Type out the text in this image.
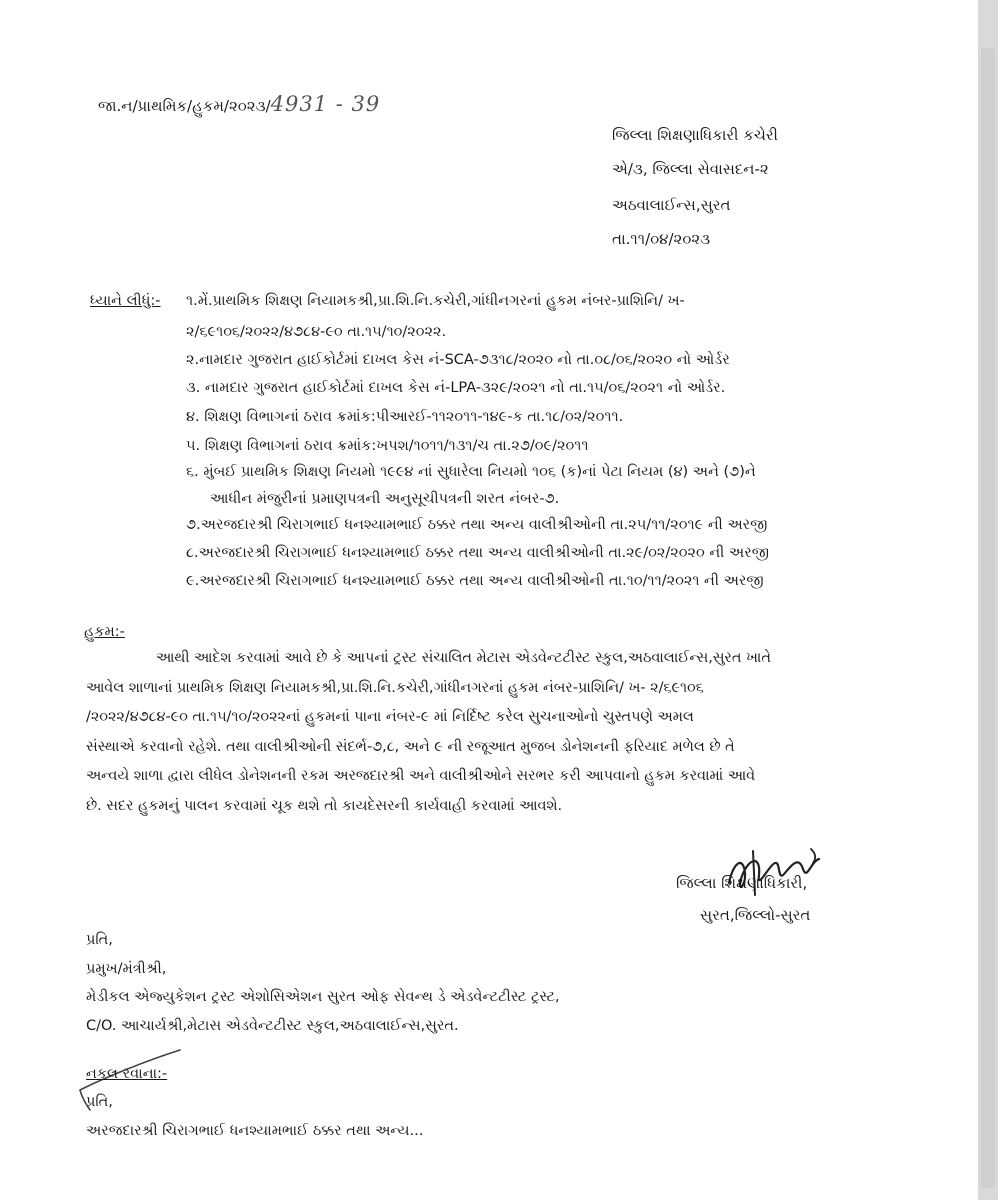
જા.ન/પ્રાથમિક/હુકમ/૨૦૨૩/4931 - 39
જિલ્લા શિક્ષણાધિકારી કચેરી
એ/૩, જિલ્લા સેવાસદન-૨
અઠવાલાઈન્સ,સુરત
તા.૧૧/૦૪/૨૦૨૩
ધ્યાને લીધું:- ૧.મેં.પ્રાથમિક શિક્ષણ નિયામકશ્રી,પ્રા.શિ.નિ.કચેરી,ગાંધીનગરનાં હુકમ નંબર-પ્રાશિનિ/ ખ-
૨/૬૯૧૦૬/૨૦૨૨/૪૭૮૪-૯૦ તા.૧૫/૧૦/૨૦૨૨.
૨.નામદાર ગુજરાત હાઈકોર્ટમાં દાખલ કેસ નં-SCA-૭૩૧૮/૨૦૨૦ નો તા.૦૮/૦૬/૨૦૨૦ નો ઓર્ડર
૩. નામદાર ગુજરાત હાઈકોર્ટમાં દાખલ કેસ નં-LPA-૩૨૯/૨૦૨૧ નો તા.૧૫/૦૬/૨૦૨૧ નો ઓર્ડર.
૪. શિક્ષણ વિભાગનાં ઠરાવ ક્રમાંક:પીઆરઈ-૧૧૨૦૧૧-૧૪૯-ક તા.૧૮/૦૨/૨૦૧૧.
૫. શિક્ષણ વિભાગનાં ઠરાવ ક્રમાંક:ખપશ/૧૦૧૧/૧૩૧/ચ તા.૨૭/૦૯/૨૦૧૧
૬. મુંબઈ પ્રાથમિક શિક્ષણ નિયમો ૧૯૯૪ નાં સુધારેલા નિયમો ૧૦૬ (ક)નાં પેટા નિયમ (૪) અને (૭)ને
આધીન મંજુરીનાં પ્રમાણપત્રની અનુસૂચીપત્રની શરત નંબર-૭.
૭.અરજદારશ્રી ચિરાગભાઈ ધનશ્યામભાઈ ઠક્કર તથા અન્ય વાલીશ્રીઓની તા.૨૫/૧૧/૨૦૧૯ ની અરજી
૮.અરજદારશ્રી ચિરાગભાઈ ધનશ્યામભાઈ ઠક્કર તથા અન્ય વાલીશ્રીઓની તા.૨૯/૦૨/૨૦૨૦ ની અરજી
૯.અરજદારશ્રી ચિરાગભાઈ ધનશ્યામભાઈ ઠક્કર તથા અન્ય વાલીશ્રીઓની તા.૧૦/૧૧/૨૦૨૧ ની અરજી
હુકમ:-
આથી આદેશ કરવામાં આવે છે કે આપનાં ટ્રસ્ટ સંચાલિત મેટાસ એડવેન્ટટીસ્ટ સ્કુલ,અઠવાલાઈન્સ,સુરત ખાતે
આવેલ શાળાનાં પ્રાથમિક શિક્ષણ નિયામકશ્રી,પ્રા.શિ.નિ.કચેરી,ગાંધીનગરનાં હુકમ નંબર-પ્રાશિનિ/ ખ- ૨/૬૯૧૦૬
/૨૦૨૨/૪૭૮૪-૯૦ તા.૧૫/૧૦/૨૦૨૨નાં હુકમનાં પાના નંબર-૯ માં નિર્દિષ્ટ કરેલ સુચનાઓનો ચુસ્તપણે અમલ
સંસ્થાએ કરવાનો રહેશે. તથા વાલીશ્રીઓની સંદર્ભ-૭,૮, અને ૯ ની રજૂઆત મુજબ ડોનેશનની ફરિયાદ મળેલ છે તે
અન્વયે શાળા દ્વારા લીધેલ ડોનેશનની રકમ અરજદારશ્રી અને વાલીશ્રીઓને સરભર કરી આપવાનો હુકમ કરવામાં આવે
છે. સદર હુકમનું પાલન કરવામાં ચૂક થશે તો કાયદેસરની કાર્યવાહી કરવામાં આવશે.
જિલ્લા શિક્ષણાધિકારી,
સુરત,જિલ્લો-સુરત
પ્રતિ,
પ્રમુખ/મંત્રીશ્રી,
મેડીકલ એજ્યુકેશન ટ્રસ્ટ એશોસિએશન સુરત ઓફ સેવન્થ ડે એડવેન્ટટીસ્ટ ટ્રસ્ટ,
C/O. આચાર્યશ્રી,મેટાસ એડવેન્ટટીસ્ટ સ્કુલ,અઠવાલાઈન્સ,સુરત.
નકલ રવાના:-
પ્રતિ,
અરજદારશ્રી ચિરાગભાઈ ધનશ્યામભાઈ ઠક્કર તથા અન્ય...
